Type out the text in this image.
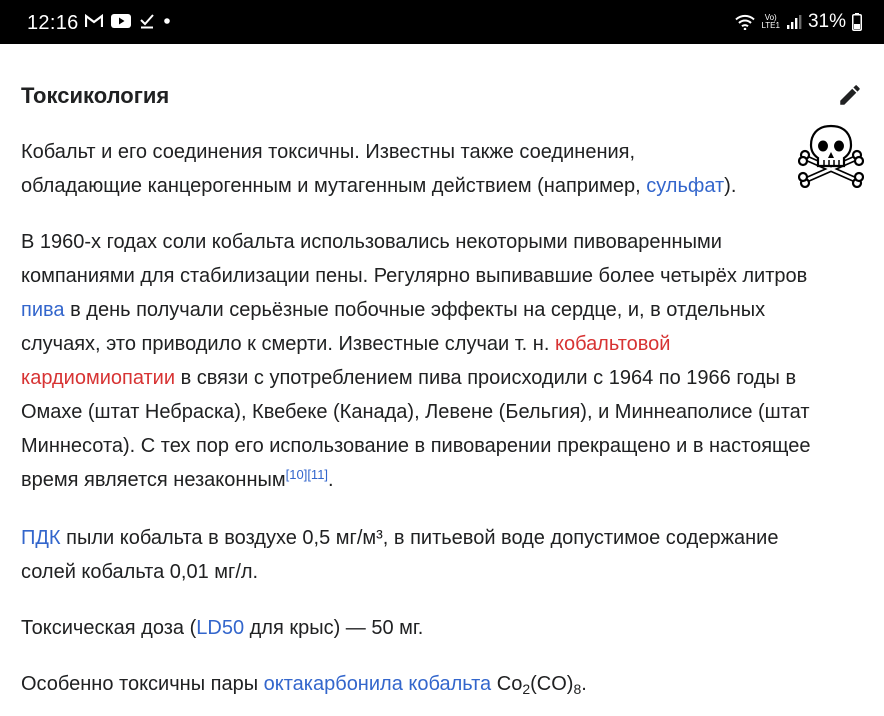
12:16	Vo)
LTE1 31%
Токсикология

Кобальт и его соединения токсичны. Известны также соединения,
обладающие канцерогенным и мутагенным действием (например, сульфат).

В 1960-х годах соли кобальта использовались некоторыми пивоваренными
компаниями для стабилизации пены. Регулярно выпивавшие более четырёх литров
пива в день получали серьёзные побочные эффекты на сердце, и, в отдельных
случаях, это приводило к смерти. Известные случаи т. н. кобальтовой
кардиомиопатии в связи с употреблением пива происходили с 1964 по 1966 годы в
Омахе (штат Небраска), Квебеке (Канада), Левене (Бельгия), и Миннеаполисе (штат
Миннесота). С тех пор его использование в пивоварении прекращено и в настоящее
время является незаконным[10][11].

ПДК пыли кобальта в воздухе 0,5 мг/м³, в питьевой воде допустимое содержание
солей кобальта 0,01 мг/л.

Токсическая доза (LD50 для крыс) — 50 мг.

Особенно токсичны пары октакарбонила кобальта $Co_2(CO)_8$.
